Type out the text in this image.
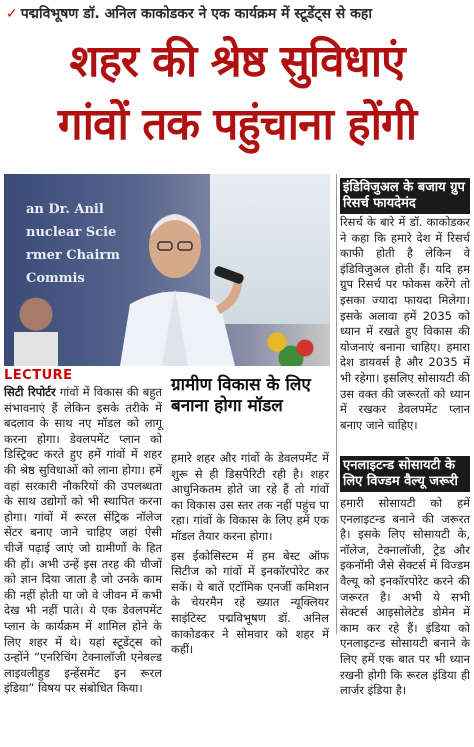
✓ पद्मविभूषण डॉ. अनिल काकोडकर ने एक कार्यक्रम में स्टूडेंट्स से कहा
शहर की श्रेष्ठ सुविधाएं
गांवों तक पहुंचाना होंगी
an Dr. Anil
nuclear Scie
rmer Chairm
Commis
LECTURE

सिटी रिपोर्टर गांवों में विकास की बहुत संभावनाएं हैं लेकिन इसके तरीके में बदलाव के साथ नए मॉडल को लागू करना होगा। डेवलपमेंट प्लान को डिस्ट्रिक्ट करते हुए हमें गांवों में शहर की श्रेष्ठ सुविधाओं को लाना होगा। हमें वहां सरकारी नौकरियों की उपलब्धता के साथ उद्योगों को भी स्थापित करना होगा। गांवों में रूरल सेंट्रिक नॉलेज सेंटर बनाए जाने चाहिए जहां ऐसी चीजें पढ़ाई जाएं जो ग्रामीणों के हित की हों। अभी उन्हें इस तरह की चीजों को ज्ञान दिया जाता है जो उनके काम की नहीं होती या जो वे जीवन में कभी देख भी नहीं पाते। ये एक डेवलपमेंट प्लान के कार्यक्रम में शामिल होने के लिए शहर में थे। यहां स्टूडेंट्स को उन्होंने “एनरिचिंग टेक्नालॉजी एनेबल्ड लाइवलीहुड इन्हेंसमेंट इन रूरल इंडिया” विषय पर संबोधित किया।

ग्रामीण विकास के लिए बनाना होगा मॉडल

हमारे शहर और गांवों के डेवलपमेंट में शुरू से ही डिसपैरिटी रही है। शहर आधुनिकतम होते जा रहे हैं तो गांवों का विकास उस स्तर तक नहीं पहुंच पा रहा। गांवों के विकास के लिए हमें एक मॉडल तैयार करना होगा।

इस ईकोसिस्टम में हम बेस्ट ऑफ सिटीज को गांवों में इनकॉरपोरेट कर सकें। ये बातें एटॉमिक एनर्जी कमिशन के चेयरमैन रहे ख्यात न्यूक्लियर साइंटिस्ट पद्मविभूषण डॉ. अनिल काकोडकर ने सोमवार को शहर में कहीं।

इंडिविजुअल के बजाय ग्रुप रिसर्च फायदेमंद
रिसर्च के बारे में डॉ. काकोडकर ने कहा कि हमारे देश में रिसर्च काफी होती है लेकिन वे इंडिविजुअल होती हैं। यदि हम ग्रुप रिसर्च पर फोकस करेंगे तो इसका ज्यादा फायदा मिलेगा। इसके अलावा हमें 2035 को ध्यान में रखते हुए विकास की योजनाएं बनाना चाहिए। हमारा देश डायवर्स है और 2035 में भी रहेगा। इसलिए सोसायटी की उस वक्त की जरूरतों को ध्यान में रखकर डेवलपमेंट प्लान बनाए जाने चाहिए।
एनलाइटन्ड सोसायटी के लिए विज्डम वैल्यू जरूरी
हमारी सोसायटी को हमें एनलाइटन्ड बनाने की जरूरत है। इसके लिए सोसायटी के, नॉलेज, टेक्नालॉजी, ट्रेड और इकनॉमी जैसे सेक्टर्स में विज्डम वैल्यू को इनकॉरपोरेट करने की जरूरत है। अभी ये सभी सेक्टर्स आइसोलेटेड डोमेन में काम कर रहे हैं। इंडिया को एनलाइटन्ड सोसायटी बनाने के लिए हमें एक बात पर भी ध्यान रखनी होगी कि रूरल इंडिया ही लार्जर इंडिया है।
